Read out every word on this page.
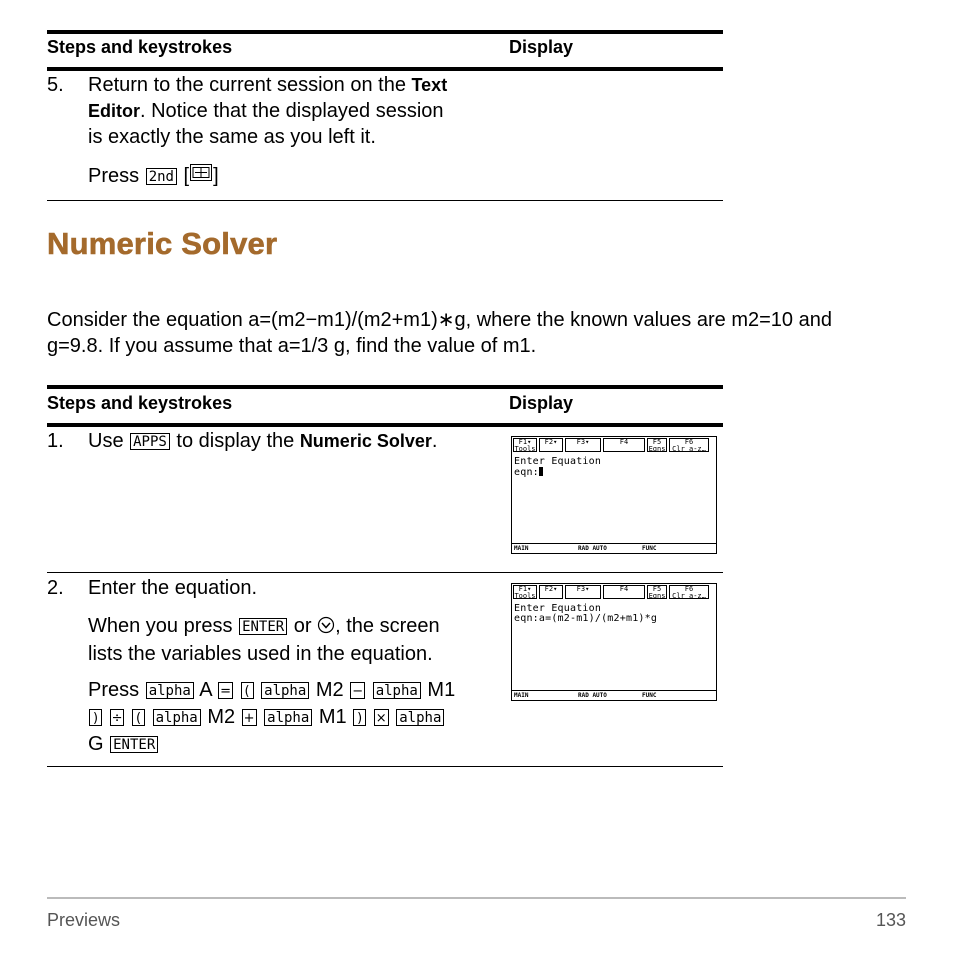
Steps and keystrokes	Display
5. Return to the current session on the Text
Editor. Notice that the displayed session
is exactly the same as you left it.
Press 2nd [ ]
Numeric Solver
Consider the equation a=(m2−m1)/(m2+m1)∗g, where the known values are m2=10 and
g=9.8. If you assume that a=1/3 g, find the value of m1.
Steps and keystrokes	Display
1. Use APPS to display the Numeric Solver.	F1▾
Tools
F2▾	F3▾	F4	F5
Eqns
F6
Clr a-z…
Enter Equation
eqn:
MAIN	RAD AUTO	FUNC
2. Enter the equation.
When you press ENTER or , the screen
lists the variables used in the equation.
Press alpha A = ( alpha M2 − alpha M1
) ÷ ( alpha M2 + alpha M1 ) × alpha
G ENTER
F1▾
Tools
F2▾	F3▾	F4	F5
Eqns
F6
Clr a-z…
Enter Equation
eqn:a=(m2-m1)/(m2+m1)*g
MAIN	RAD AUTO	FUNC
Previews	133
